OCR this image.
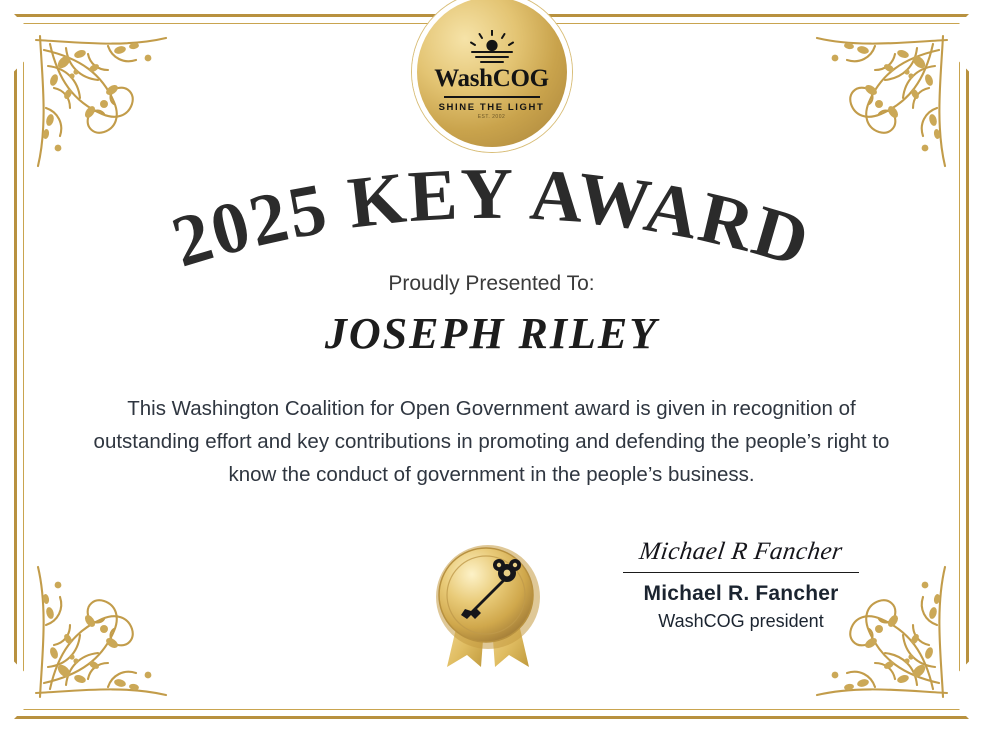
WashCOG
SHINE THE LIGHT
EST. 2002
2025 KEY AWARD
Proudly Presented To:
JOSEPH RILEY
This Washington Coalition for Open Government award is given in recognition of outstanding effort and key contributions in promoting and defending the people’s right to know the conduct of government in the people’s business.
Michael R Fancher
Michael R. Fancher
WashCOG president
